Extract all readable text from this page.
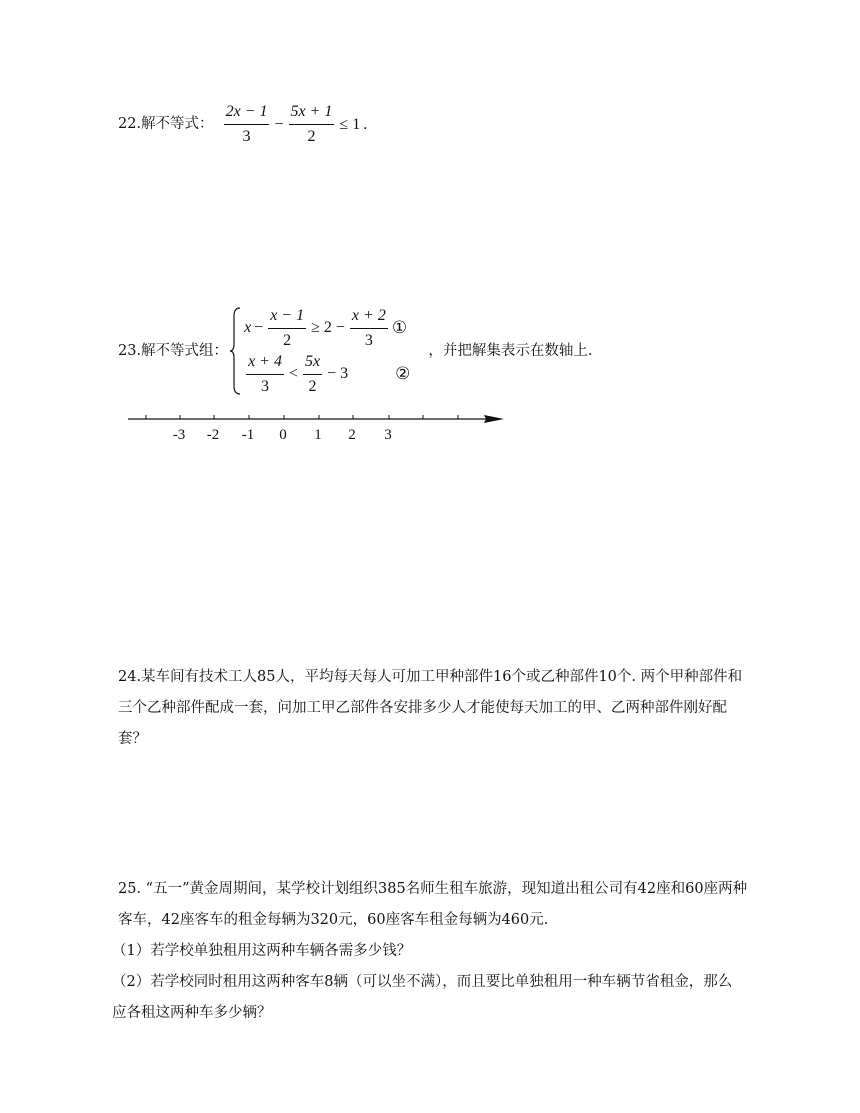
22.解不等式： $\frac{2x - 1}{3} - \frac{5x + 1}{2} \le 1$ .
23.解不等式组：
$x - \frac{x - 1}{2} \ge 2 - \frac{x + 2}{3}$ ①
$\frac{x + 4}{3} < \frac{5x}{2} - 3$	②
，并把解集表示在数轴上.
-3 -2 -1 0 1 2 3
24.某车间有技术工人85人，平均每天每人可加工甲种部件16个或乙种部件10个. 两个甲种部件和三个乙种部件配成一套，问加工甲乙部件各安排多少人才能使每天加工的甲、乙两种部件刚好配套？
25. “五一”黄金周期间，某学校计划组织385名师生租车旅游，现知道出租公司有42座和60座两种客车，42座客车的租金每辆为320元，60座客车租金每辆为460元.
（1）若学校单独租用这两种车辆各需多少钱？
（2）若学校同时租用这两种客车8辆（可以坐不满），而且要比单独租用一种车辆节省租金，那么应各租这两种车多少辆？
